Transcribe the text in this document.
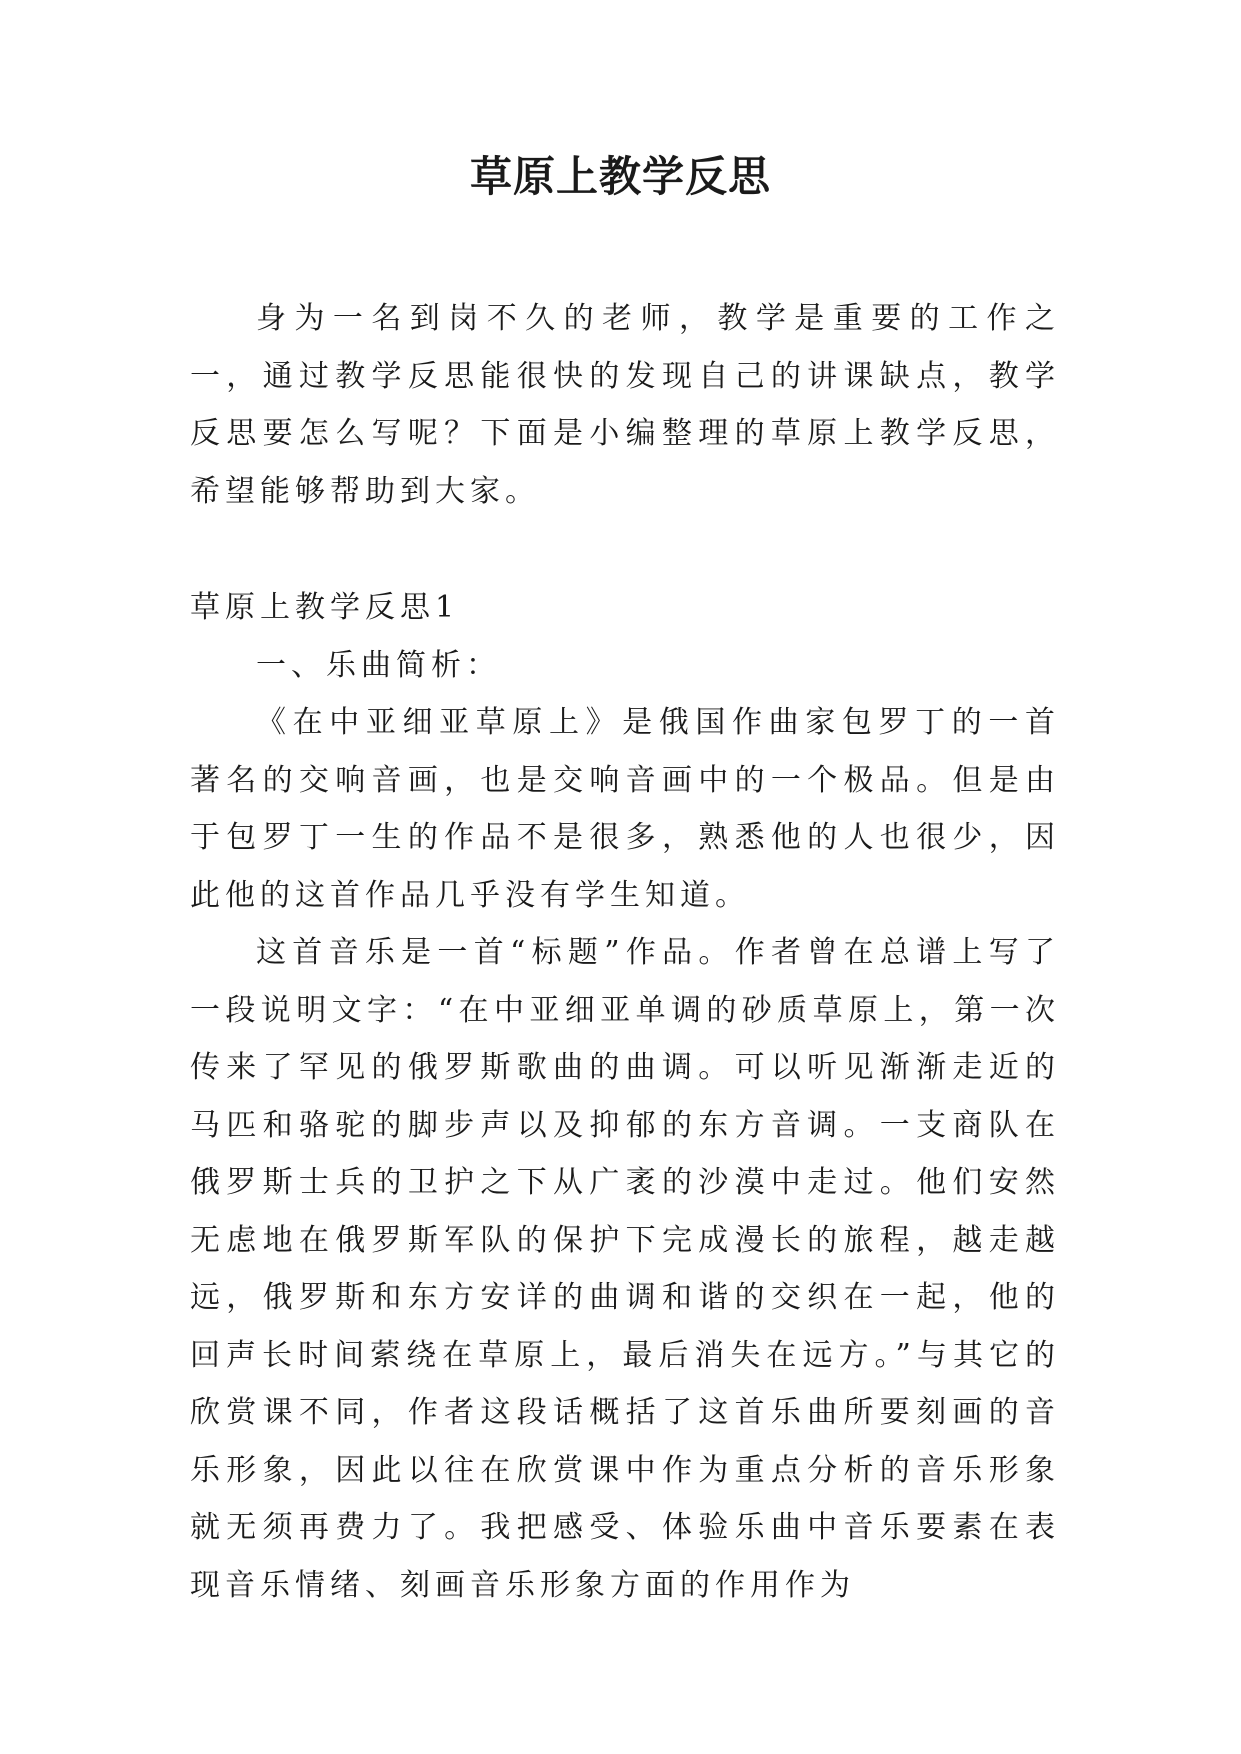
草原上教学反思

身为一名到岗不久的老师，教学是重要的工作之一，通过教学反思能很快的发现自己的讲课缺点，教学反思要怎么写呢？下面是小编整理的草原上教学反思，希望能够帮助到大家。

草原上教学反思1

一、乐曲简析：

《在中亚细亚草原上》是俄国作曲家包罗丁的一首著名的交响音画，也是交响音画中的一个极品。但是由于包罗丁一生的作品不是很多，熟悉他的人也很少，因此他的这首作品几乎没有学生知道。

这首音乐是一首“标题”作品。作者曾在总谱上写了一段说明文字：“在中亚细亚单调的砂质草原上，第一次传来了罕见的俄罗斯歌曲的曲调。可以听见渐渐走近的马匹和骆驼的脚步声以及抑郁的东方音调。一支商队在俄罗斯士兵的卫护之下从广袤的沙漠中走过。他们安然无虑地在俄罗斯军队的保护下完成漫长的旅程，越走越远，俄罗斯和东方安详的曲调和谐的交织在一起，他的回声长时间萦绕在草原上，最后消失在远方。”与其它的欣赏课不同，作者这段话概括了这首乐曲所要刻画的音乐形象，因此以往在欣赏课中作为重点分析的音乐形象就无须再费力了。我把感受、体验乐曲中音乐要素在表现音乐情绪、刻画音乐形象方面的作用作为
